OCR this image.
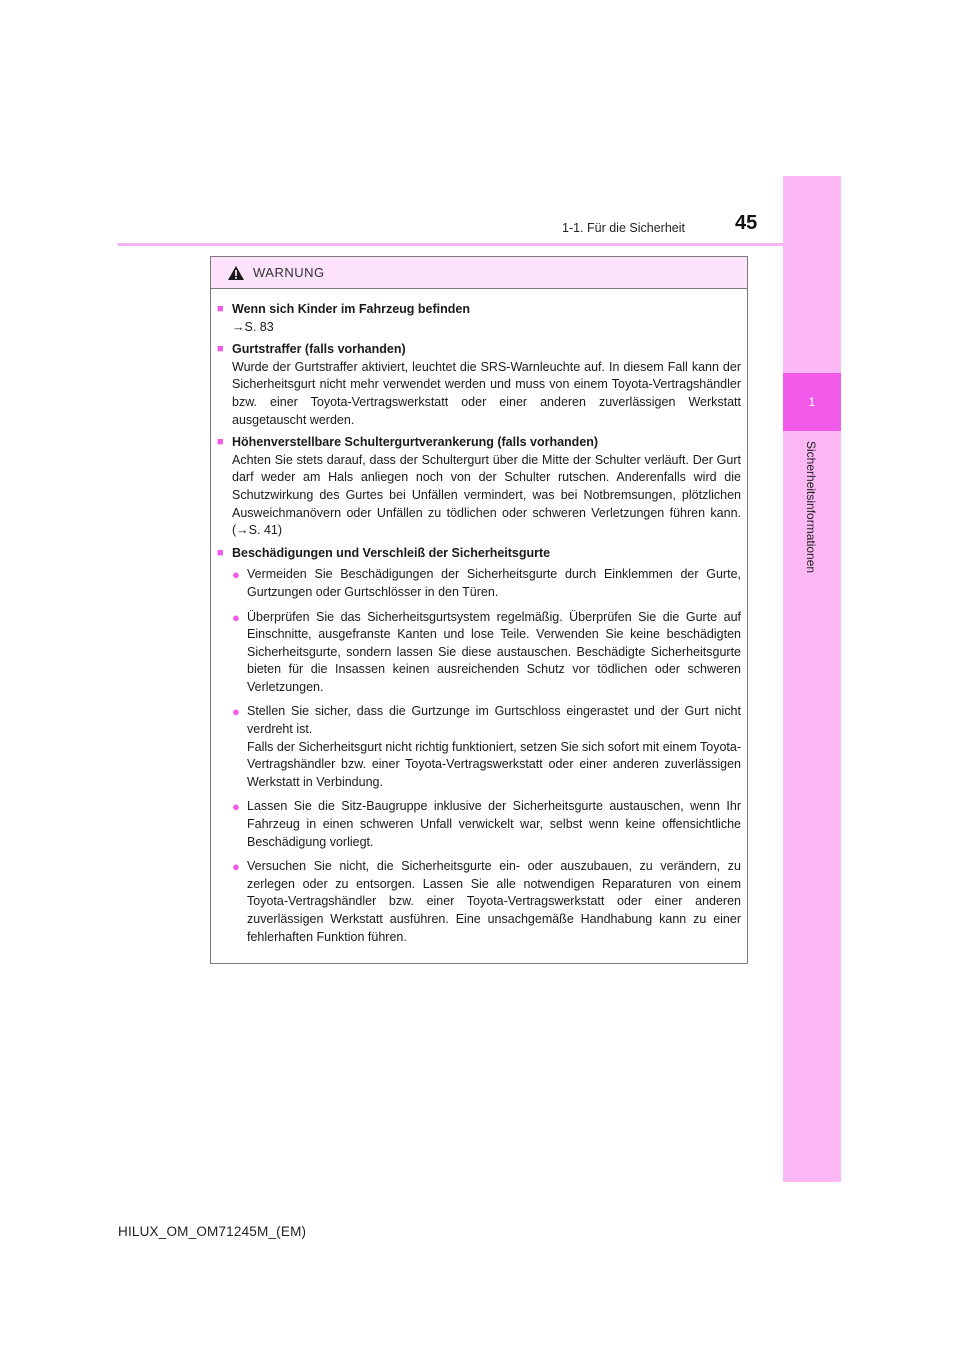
1
Sicherheitsinformationen
45
1-1. Für die Sicherheit
WARNUNG
■ Wenn sich Kinder im Fahrzeug befinden
→S. 83
■ Gurtstraffer (falls vorhanden)
Wurde der Gurtstraffer aktiviert, leuchtet die SRS-Warnleuchte auf. In diesem Fall kann der Sicherheitsgurt nicht mehr verwendet werden und muss von einem Toyota-Vertragshändler bzw. einer Toyota-Vertragswerkstatt oder einer anderen zuverlässigen Werkstatt ausgetauscht werden.
■ Höhenverstellbare Schultergurtverankerung (falls vorhanden)
Achten Sie stets darauf, dass der Schultergurt über die Mitte der Schulter verläuft. Der Gurt darf weder am Hals anliegen noch von der Schulter rutschen. Anderenfalls wird die Schutzwirkung des Gurtes bei Unfällen vermindert, was bei Notbremsungen, plötzlichen Ausweichmanövern oder Unfällen zu tödlichen oder schweren Verletzungen führen kann. (→S. 41)
■ Beschädigungen und Verschleiß der Sicherheitsgurte
● Vermeiden Sie Beschädigungen der Sicherheitsgurte durch Einklemmen der Gurte, Gurtzungen oder Gurtschlösser in den Türen.
● Überprüfen Sie das Sicherheitsgurtsystem regelmäßig. Überprüfen Sie die Gurte auf Einschnitte, ausgefranste Kanten und lose Teile. Verwenden Sie keine beschädigten Sicherheitsgurte, sondern lassen Sie diese austauschen. Beschädigte Sicherheitsgurte bieten für die Insassen keinen ausreichenden Schutz vor tödlichen oder schweren Verletzungen.
● Stellen Sie sicher, dass die Gurtzunge im Gurtschloss eingerastet und der Gurt nicht verdreht ist.
Falls der Sicherheitsgurt nicht richtig funktioniert, setzen Sie sich sofort mit einem Toyota-Vertragshändler bzw. einer Toyota-Vertragswerkstatt oder einer anderen zuverlässigen Werkstatt in Verbindung.
● Lassen Sie die Sitz-Baugruppe inklusive der Sicherheitsgurte austauschen, wenn Ihr Fahrzeug in einen schweren Unfall verwickelt war, selbst wenn keine offensichtliche Beschädigung vorliegt.
● Versuchen Sie nicht, die Sicherheitsgurte ein- oder auszubauen, zu verändern, zu zerlegen oder zu entsorgen. Lassen Sie alle notwendigen Reparaturen von einem Toyota-Vertragshändler bzw. einer Toyota-Vertragswerkstatt oder einer anderen zuverlässigen Werkstatt ausführen. Eine unsachgemäße Handhabung kann zu einer fehlerhaften Funktion führen.
HILUX_OM_OM71245M_(EM)
